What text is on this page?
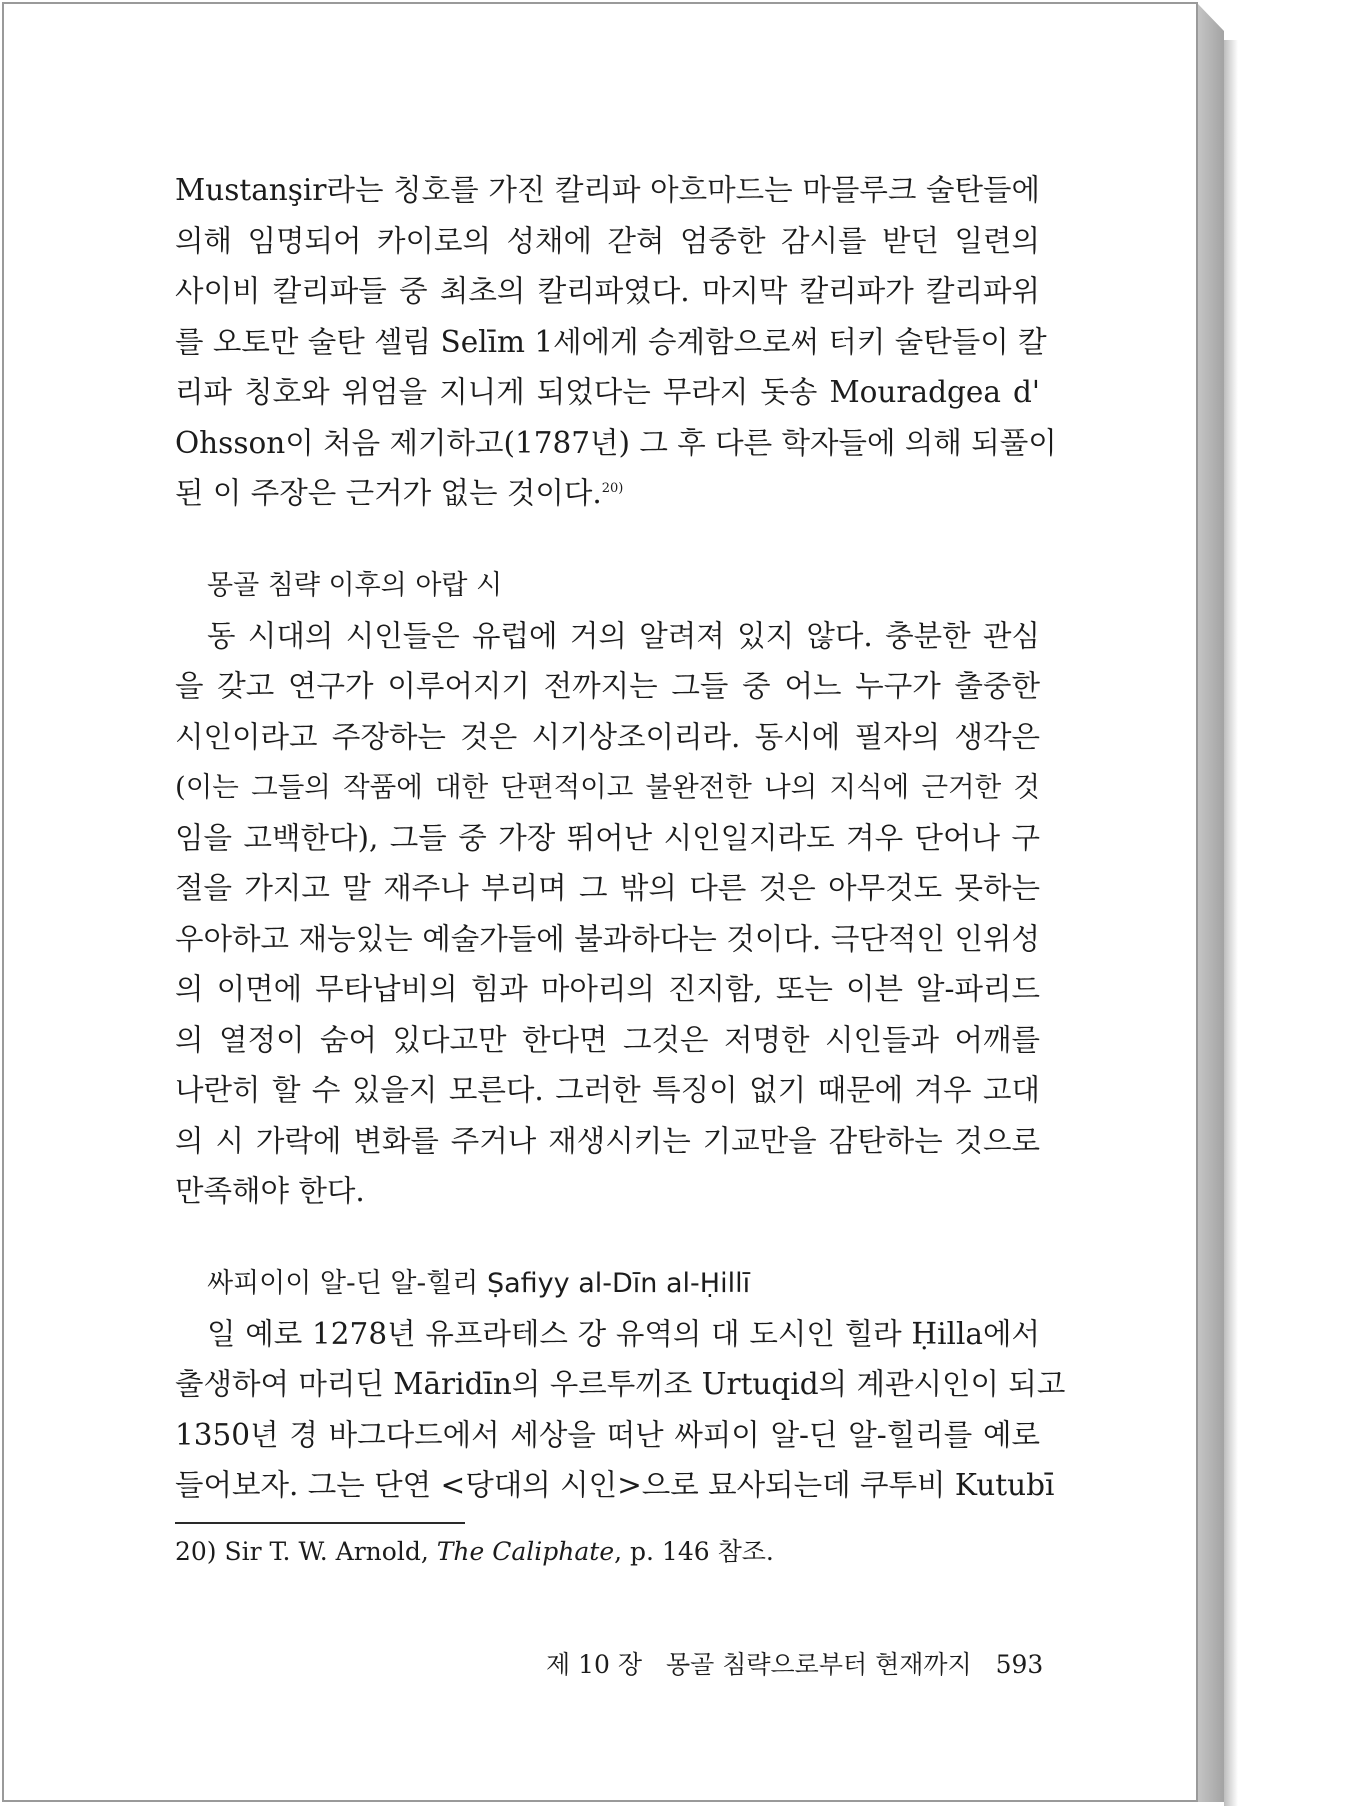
Mustanşir라는 칭호를 가진 칼리파 아흐마드는 마믈루크 술탄들에
의해 임명되어 카이로의 성채에 갇혀 엄중한 감시를 받던 일련의
사이비 칼리파들 중 최초의 칼리파였다. 마지막 칼리파가 칼리파위
를 오토만 술탄 셀림 Selīm 1세에게 승계함으로써 터키 술탄들이 칼
리파 칭호와 위엄을 지니게 되었다는 무라지 돗송 Mouradgea d'
Ohsson이 처음 제기하고(1787년) 그 후 다른 학자들에 의해 되풀이
된 이 주장은 근거가 없는 것이다.$^{20)}$

몽골 침략 이후의 아랍 시

동 시대의 시인들은 유럽에 거의 알려져 있지 않다. 충분한 관심
을 갖고 연구가 이루어지기 전까지는 그들 중 어느 누구가 출중한
시인이라고 주장하는 것은 시기상조이리라. 동시에 필자의 생각은
(이는 그들의 작품에 대한 단편적이고 불완전한 나의 지식에 근거한 것
임을 고백한다), 그들 중 가장 뛰어난 시인일지라도 겨우 단어나 구
절을 가지고 말 재주나 부리며 그 밖의 다른 것은 아무것도 못하는
우아하고 재능있는 예술가들에 불과하다는 것이다. 극단적인 인위성
의 이면에 무타납비의 힘과 마아리의 진지함, 또는 이븐 알-파리드
의 열정이 숨어 있다고만 한다면 그것은 저명한 시인들과 어깨를
나란히 할 수 있을지 모른다. 그러한 특징이 없기 때문에 겨우 고대
의 시 가락에 변화를 주거나 재생시키는 기교만을 감탄하는 것으로
만족해야 한다.

싸피이이 알-딘 알-힐리 Ṣafiyy al-Dīn al-Ḥillī

일 예로 1278년 유프라테스 강 유역의 대 도시인 힐라 Ḥilla에서
출생하여 마리딘 Māridīn의 우르투끼조 Urtuqid의 계관시인이 되고
1350년 경 바그다드에서 세상을 떠난 싸피이 알-딘 알-힐리를 예로
들어보자. 그는 단연 <당대의 시인>으로 묘사되는데 쿠투비 Kutubī

20) Sir T. W. Arnold, The Caliphate, p. 146 참조.
제 10 장 몽골 침략으로부터 현재까지 593
